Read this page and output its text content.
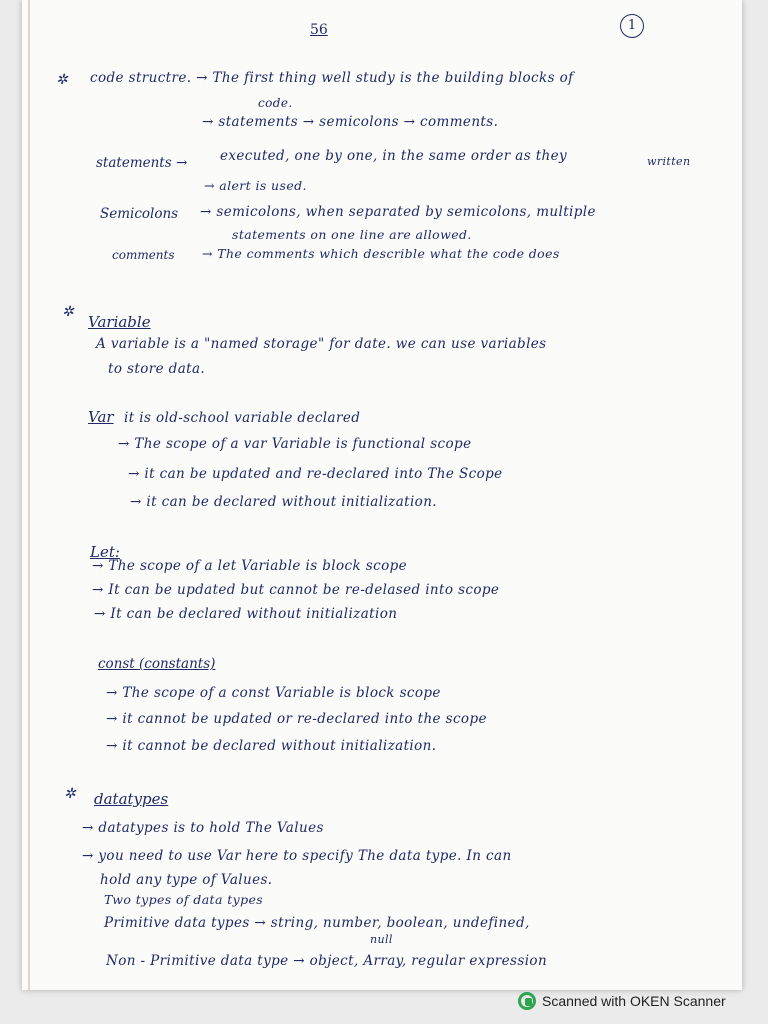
56	1
✲ code structre. → The first thing well study is the building blocks of
code.
→ statements → semicolons → comments.
statements → executed, one by one, in the same order as they	written
→ alert is used.
Semicolons → semicolons, when separated by semicolons, multiple
statements on one line are allowed.
comments → The comments which describle what the code does
✲
Variable
A variable is a "named storage" for date. we can use variables
to store data.
Var it is old-school variable declared
→ The scope of a var Variable is functional scope
→ it can be updated and re-declared into The Scope
→ it can be declared without initialization.
Let:
→ The scope of a let Variable is block scope
→ It can be updated but cannot be re-delased into scope
→ It can be declared without initialization
const (constants)
→ The scope of a const Variable is block scope
→ it cannot be updated or re-declared into the scope
→ it cannot be declared without initialization.
✲ datatypes
→ datatypes is to hold The Values
→ you need to use Var here to specify The data type. In can
hold any type of Values.
Two types of data types
Primitive data types → string, number, boolean, undefined,
null
Non - Primitive data type → object, Array, regular expression
Scanned with OKEN Scanner
